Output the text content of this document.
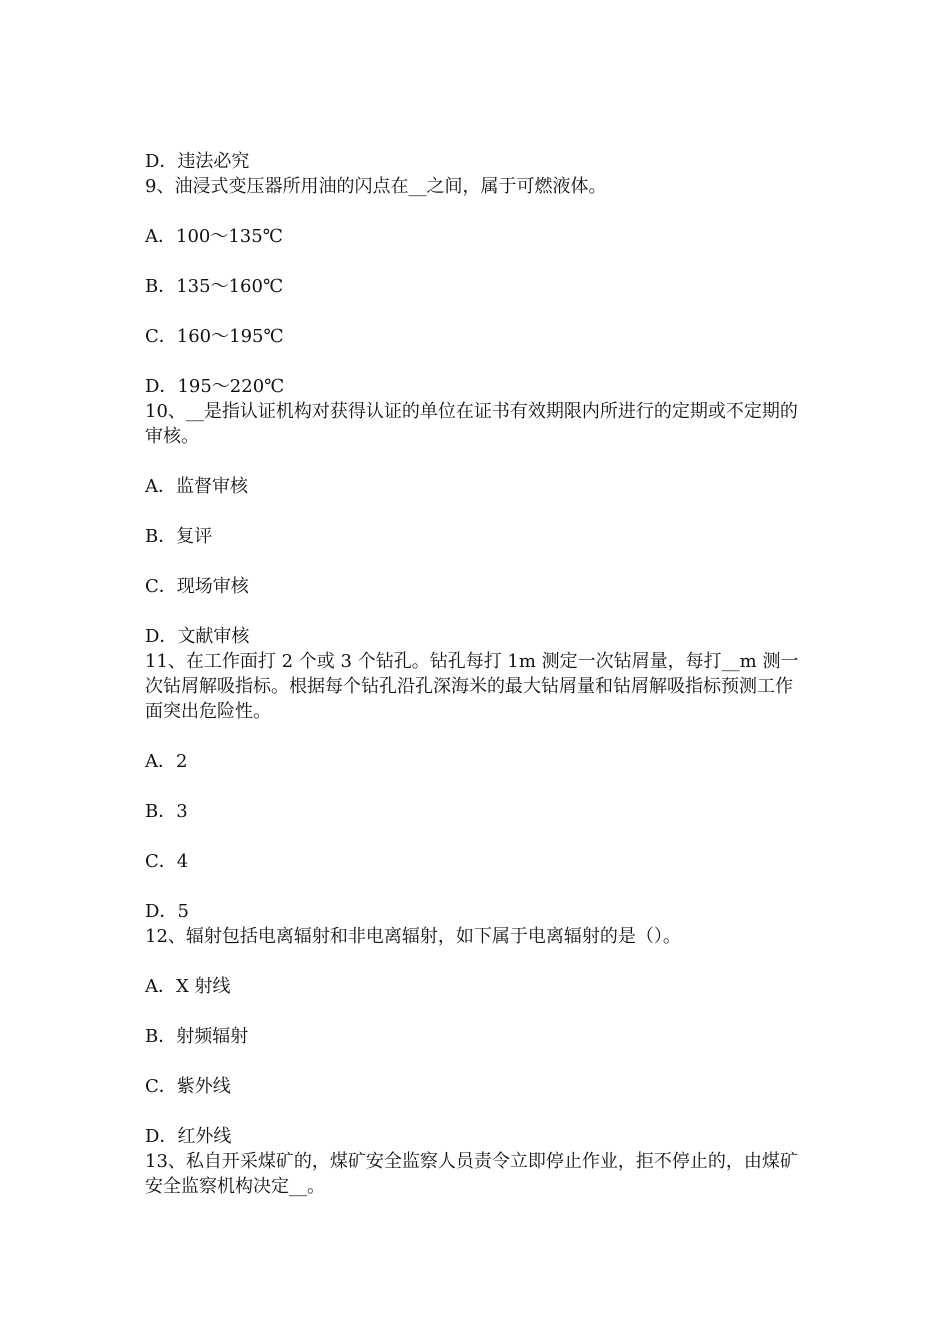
D．违法必究
9、油浸式变压器所用油的闪点在__之间，属于可燃液体。
A．100～135℃
B．135～160℃
C．160～195℃
D．195～220℃
10、__是指认证机构对获得认证的单位在证书有效期限内所进行的定期或不定期的审核。
A．监督审核
B．复评
C．现场审核
D．文献审核
11、在工作面打 2 个或 3 个钻孔。钻孔每打 1m 测定一次钻屑量，每打__m 测一次钻屑解吸指标。根据每个钻孔沿孔深海米的最大钻屑量和钻屑解吸指标预测工作面突出危险性。
A．2
B．3
C．4
D．5
12、辐射包括电离辐射和非电离辐射，如下属于电离辐射的是（）。
A．X 射线
B．射频辐射
C．紫外线
D．红外线
13、私自开采煤矿的，煤矿安全监察人员责令立即停止作业，拒不停止的，由煤矿安全监察机构决定__。
